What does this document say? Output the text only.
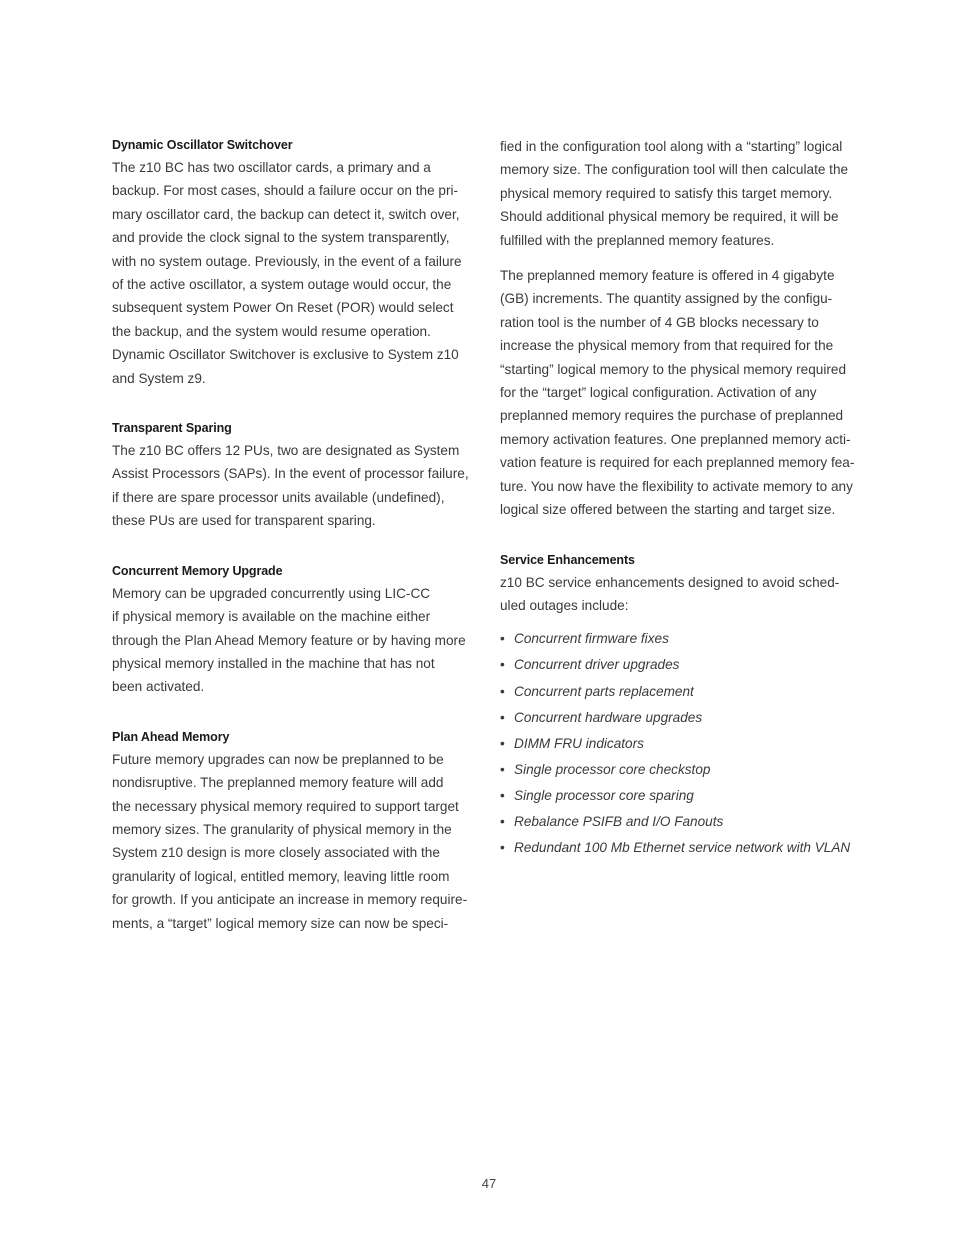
Dynamic Oscillator Switchover
The z10 BC has two oscillator cards, a primary and a
backup. For most cases, should a failure occur on the pri-
mary oscillator card, the backup can detect it, switch over,
and provide the clock signal to the system transparently,
with no system outage. Previously, in the event of a failure
of the active oscillator, a system outage would occur, the
subsequent system Power On Reset (POR) would select
the backup, and the system would resume operation.
Dynamic Oscillator Switchover is exclusive to System z10
and System z9.
Transparent Sparing
The z10 BC offers 12 PUs, two are designated as System
Assist Processors (SAPs). In the event of processor failure,
if there are spare processor units available (undefined),
these PUs are used for transparent sparing.
Concurrent Memory Upgrade
Memory can be upgraded concurrently using LIC-CC
if physical memory is available on the machine either
through the Plan Ahead Memory feature or by having more
physical memory installed in the machine that has not
been activated.
Plan Ahead Memory
Future memory upgrades can now be preplanned to be
nondisruptive. The preplanned memory feature will add
the necessary physical memory required to support target
memory sizes. The granularity of physical memory in the
System z10 design is more closely associated with the
granularity of logical, entitled memory, leaving little room
for growth. If you anticipate an increase in memory require-
ments, a “target” logical memory size can now be speci-
fied in the configuration tool along with a “starting” logical
memory size. The configuration tool will then calculate the
physical memory required to satisfy this target memory.
Should additional physical memory be required, it will be
fulfilled with the preplanned memory features.
The preplanned memory feature is offered in 4 gigabyte
(GB) increments. The quantity assigned by the configu-
ration tool is the number of 4 GB blocks necessary to
increase the physical memory from that required for the
“starting” logical memory to the physical memory required
for the “target” logical configuration. Activation of any
preplanned memory requires the purchase of preplanned
memory activation features. One preplanned memory acti-
vation feature is required for each preplanned memory fea-
ture. You now have the flexibility to activate memory to any
logical size offered between the starting and target size.
Service Enhancements
z10 BC service enhancements designed to avoid sched-
uled outages include:
• Concurrent firmware fixes
• Concurrent driver upgrades
• Concurrent parts replacement
• Concurrent hardware upgrades
• DIMM FRU indicators
• Single processor core checkstop
• Single processor core sparing
• Rebalance PSIFB and I/O Fanouts
• Redundant 100 Mb Ethernet service network with VLAN
47
